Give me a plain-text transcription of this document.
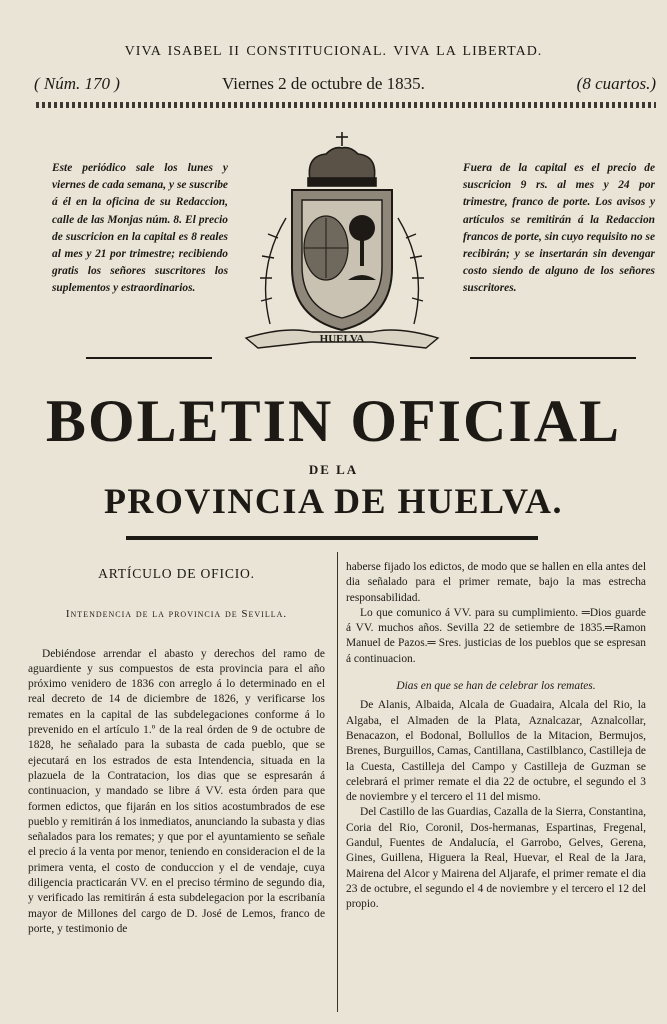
VIVA ISABEL II CONSTITUCIONAL. VIVA LA LIBERTAD.
( Núm. 170 )	Viernes 2 de octubre de 1835.	(8 cuartos.)
Este periódico sale los lunes y viernes de cada semana, y se suscribe á él en la oficina de su Redaccion, calle de las Monjas núm. 8. El precio de suscricion en la capital es 8 reales al mes y 21 por trimestre; recibiendo gratis los señores suscritores los suplementos y estraordinarios.
HUELVA
Fuera de la capital es el precio de suscricion 9 rs. al mes y 24 por trimestre, franco de porte. Los avisos y artículos se remitirán á la Redaccion francos de porte, sin cuyo requisito no se recibirán; y se insertarán sin devengar costo siendo de alguno de los señores suscritores.
BOLETIN OFICIAL
DE LA
PROVINCIA DE HUELVA.

ARTÍCULO DE OFICIO.

Intendencia de la provincia de Sevilla.

Debiéndose arrendar el abasto y derechos del ramo de aguardiente y sus compuestos de esta provincia para el año próximo venidero de 1836 con arreglo á lo determinado en el real decreto de 14 de diciembre de 1826, y verificarse los remates en la capital de las subdelegaciones conforme á lo prevenido en el artículo 1.º de la real órden de 9 de octubre de 1828, he señalado para la subasta de cada pueblo, que se ejecutará en los estrados de esta Intendencia, situada en la plazuela de la Contratacion, los dias que se espresarán á continuacion, y mandado se libre á VV. esta órden para que formen edictos, que fijarán en los sitios acostumbrados de ese pueblo y remitirán á los inmediatos, anunciando la subasta y dias señalados para los remates; y que por el ayuntamiento se señale el precio á la venta por menor, teniendo en consideracion el de la primera venta, el costo de conduccion y el de vendaje, cuya diligencia practicarán VV. en el preciso término de segundo dia, y verificado las remitirán á esta subdelegacion por la escribanía mayor de Millones del cargo de D. José de Lemos, franco de porte, y testimonio de

haberse fijado los edictos, de modo que se hallen en ella antes del dia señalado para el primer remate, bajo la mas estrecha responsabilidad.

Lo que comunico á VV. para su cumplimiento. ═Dios guarde á VV. muchos años. Sevilla 22 de setiembre de 1835.═Ramon Manuel de Pazos.═ Sres. justicias de los pueblos que se espresan á continuacion.

Dias en que se han de celebrar los remates.

De Alanis, Albaida, Alcala de Guadaira, Alcala del Rio, la Algaba, el Almaden de la Plata, Aznalcazar, Aznalcollar, Benacazon, el Bodonal, Bollullos de la Mitacion, Bermujos, Brenes, Burguillos, Camas, Cantillana, Castilblanco, Castilleja de la Cuesta, Castilleja del Campo y Castilleja de Guzman se celebrará el primer remate el dia 22 de octubre, el segundo el 3 de noviembre y el tercero el 11 del mismo.

Del Castillo de las Guardias, Cazalla de la Sierra, Constantina, Coria del Rio, Coronil, Dos-hermanas, Espartinas, Fregenal, Gandul, Fuentes de Andalucía, el Garrobo, Gelves, Gerena, Gines, Guillena, Higuera la Real, Huevar, el Real de la Jara, Mairena del Alcor y Mairena del Aljarafe, el primer remate el dia 23 de octubre, el segundo el 4 de noviembre y el tercero el 12 del propio.
